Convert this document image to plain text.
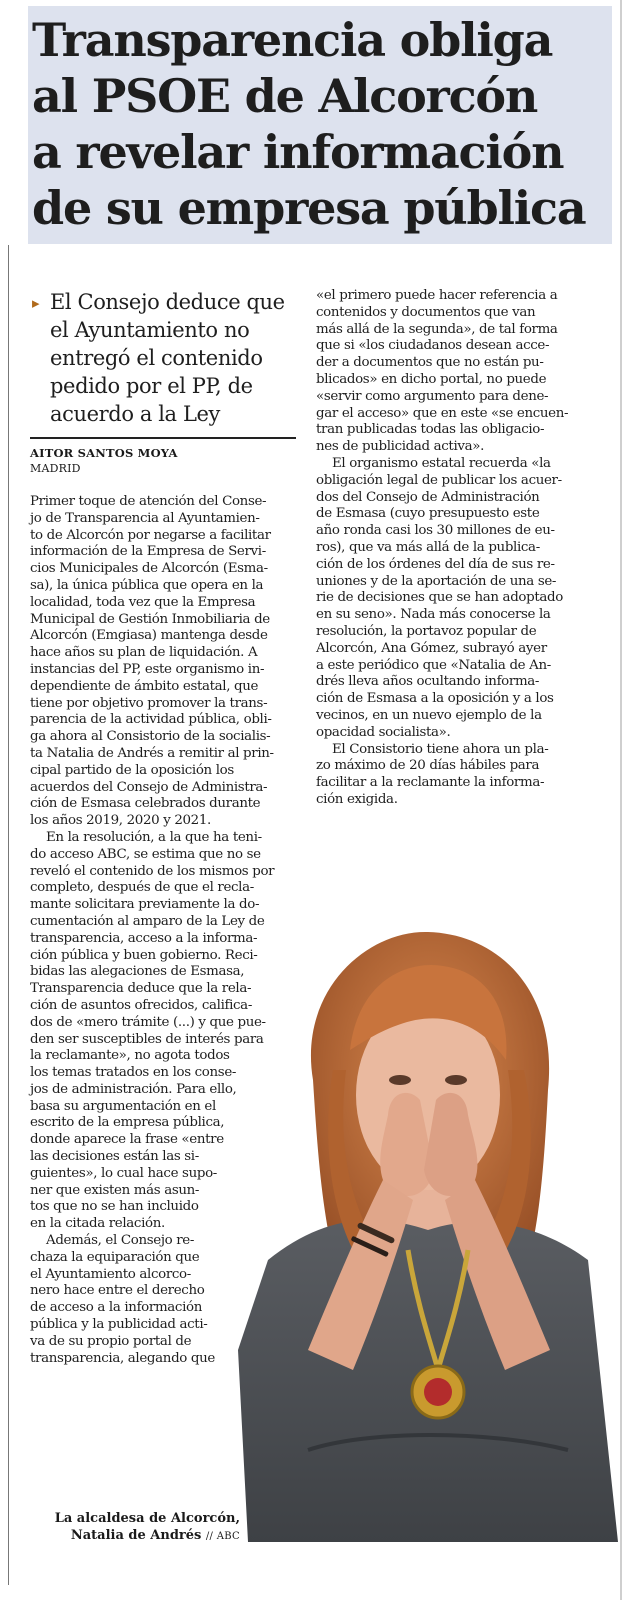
Transparencia obliga
al PSOE de Alcorcón
a revelar información
de su empresa pública
▸ El Consejo deduce que
el Ayuntamiento no
entregó el contenido
pedido por el PP, de
acuerdo a la Ley
AITOR SANTOS MOYA
MADRID
Primer toque de atención del Conse-
jo de Transparencia al Ayuntamien-
to de Alcorcón por negarse a facilitar
información de la Empresa de Servi-
cios Municipales de Alcorcón (Esma-
sa), la única pública que opera en la
localidad, toda vez que la Empresa
Municipal de Gestión Inmobiliaria de
Alcorcón (Emgiasa) mantenga desde
hace años su plan de liquidación. A
instancias del PP, este organismo in-
dependiente de ámbito estatal, que
tiene por objetivo promover la trans-
parencia de la actividad pública, obli-
ga ahora al Consistorio de la socialis-
ta Natalia de Andrés a remitir al prin-
cipal partido de la oposición los
acuerdos del Consejo de Administra-
ción de Esmasa celebrados durante
los años 2019, 2020 y 2021.
En la resolución, a la que ha teni-
do acceso ABC, se estima que no se
reveló el contenido de los mismos por
completo, después de que el recla-
mante solicitara previamente la do-
cumentación al amparo de la Ley de
transparencia, acceso a la informa-
ción pública y buen gobierno. Reci-
bidas las alegaciones de Esmasa,
Transparencia deduce que la rela-
ción de asuntos ofrecidos, califica-
dos de «mero trámite (...) y que pue-
den ser susceptibles de interés para
la reclamante», no agota todos
los temas tratados en los conse-
jos de administración. Para ello,
basa su argumentación en el
escrito de la empresa pública,
donde aparece la frase «entre
las decisiones están las si-
guientes», lo cual hace supo-
ner que existen más asun-
tos que no se han incluido
en la citada relación.
Además, el Consejo re-
chaza la equiparación que
el Ayuntamiento alcorco-
nero hace entre el derecho
de acceso a la información
pública y la publicidad acti-
va de su propio portal de
transparencia, alegando que
«el primero puede hacer referencia a
contenidos y documentos que van
más allá de la segunda», de tal forma
que si «los ciudadanos desean acce-
der a documentos que no están pu-
blicados» en dicho portal, no puede
«servir como argumento para dene-
gar el acceso» que en este «se encuen-
tran publicadas todas las obligacio-
nes de publicidad activa».
El organismo estatal recuerda «la
obligación legal de publicar los acuer-
dos del Consejo de Administración
de Esmasa (cuyo presupuesto este
año ronda casi los 30 millones de eu-
ros), que va más allá de la publica-
ción de los órdenes del día de sus re-
uniones y de la aportación de una se-
rie de decisiones que se han adoptado
en su seno». Nada más conocerse la
resolución, la portavoz popular de
Alcorcón, Ana Gómez, subrayó ayer
a este periódico que «Natalia de An-
drés lleva años ocultando informa-
ción de Esmasa a la oposición y a los
vecinos, en un nuevo ejemplo de la
opacidad socialista».
El Consistorio tiene ahora un pla-
zo máximo de 20 días hábiles para
facilitar a la reclamante la informa-
ción exigida.
La alcaldesa de Alcorcón,
Natalia de Andrés // ABC
